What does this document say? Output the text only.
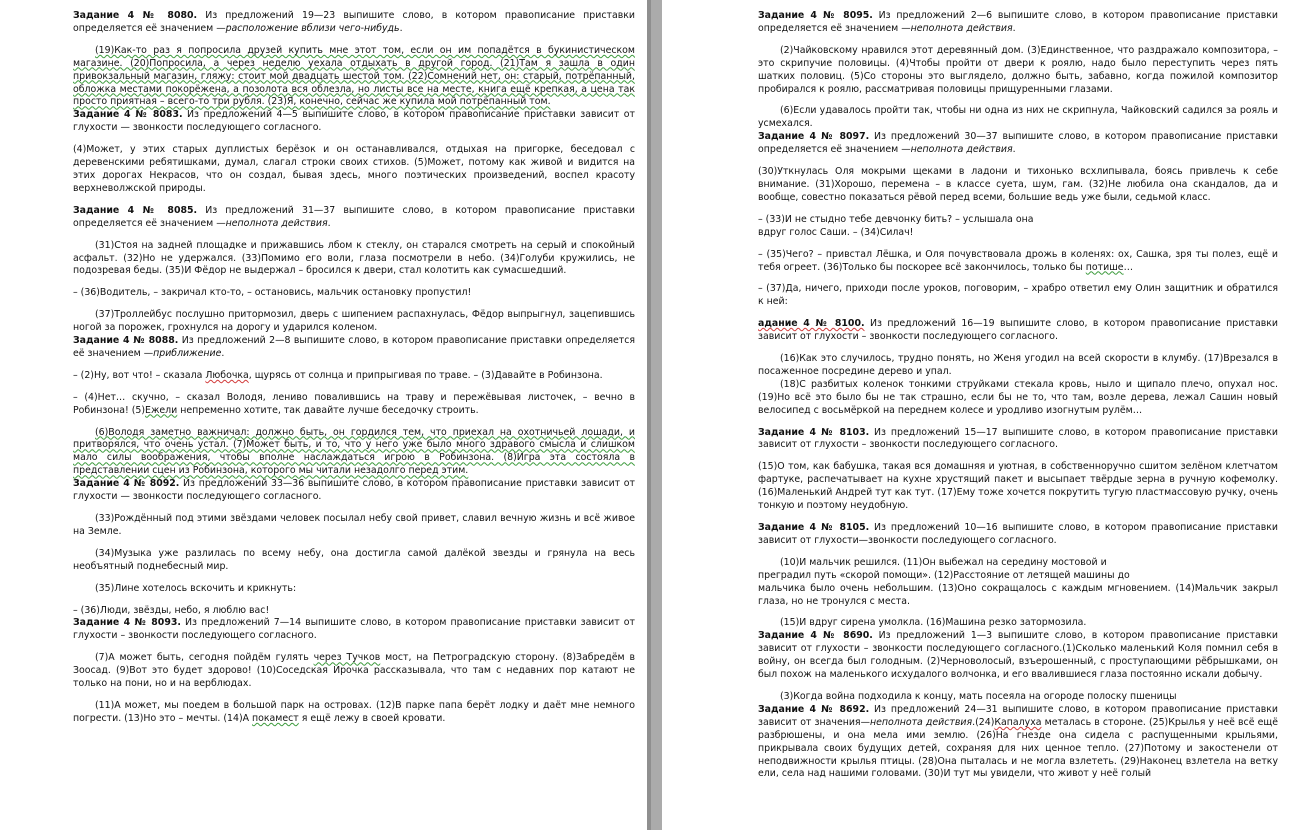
Задание 4 № 8080. Из предложений 19—23 выпишите слово, в котором правописание приставки определяется её значением —расположение вблизи чего-нибудь.

(19)Как-то раз я попросила друзей купить мне этот том, если он им попадётся в букинистическом магазине. (20)Попросила, а через неделю уехала отдыхать в другой город. (21)Там я зашла в один привокзальный магазин, гляжу: стоит мой двадцать шестой том. (22)Сомнений нет, он: старый, потрёпанный, обложка местами покорёжена, а позолота вся облезла, но листы все на месте, книга ещё крепкая, а цена так просто приятная – всего-то три рубля. (23)Я, конечно, сейчас же купила мой потрёпанный том.

Задание 4 № 8083. Из предложений 4—5 выпишите слово, в котором правописание приставки зависит от глухости — звонкости последующего согласного.

(4)Может, у этих старых дуплистых берёзок и он останавливался, отдыхая на пригорке, беседовал с деревенскими ребятишками, думал, слагал строки своих стихов. (5)Может, потому как живой и видится на этих дорогах Некрасов, что он создал, бывая здесь, много поэтических произведений, воспел красоту верхневолжской природы.

Задание 4 № 8085. Из предложений 31—37 выпишите слово, в котором правописание приставки определяется её значением —неполнота действия.

(31)Стоя на задней площадке и прижавшись лбом к стеклу, он старался смотреть на серый и спокойный асфальт. (32)Но не удержался. (33)Помимо его воли, глаза посмотрели в небо. (34)Голуби кружились, не подозревая беды. (35)И Фёдор не выдержал – бросился к двери, стал колотить как сумасшедший.

– (36)Водитель, – закричал кто-то, – остановись, мальчик остановку пропустил!

(37)Троллейбус послушно притормозил, дверь с шипением распахнулась, Фёдор выпрыгнул, зацепившись ногой за порожек, грохнулся на дорогу и ударился коленом.

Задание 4 № 8088. Из предложений 2—8 выпишите слово, в котором правописание приставки определяется её значением —приближение.

– (2)Ну, вот что! – сказала Любочка, щурясь от солнца и припрыгивая по траве. – (3)Давайте в Робинзона.

– (4)Нет… скучно, – сказал Володя, лениво повалившись на траву и пережёвывая листочек, – вечно в Робинзона! (5)Ежели непременно хотите, так давайте лучше беседочку строить.

(6)Володя заметно важничал: должно быть, он гордился тем, что приехал на охотничьей лошади, и притворялся, что очень устал. (7)Может быть, и то, что у него уже было много здравого смысла и слишком мало силы воображения, чтобы вполне наслаждаться игрою в Робинзона. (8)Игра эта состояла в представлении сцен из Робинзона, которого мы читали незадолго перед этим.

Задание 4 № 8092. Из предложений 33—36 выпишите слово, в котором правописание приставки зависит от глухости — звонкости последующего согласного.

(33)Рождённый под этими звёздами человек посылал небу свой привет, славил вечную жизнь и всё живое на Земле.

(34)Музыка уже разлилась по всему небу, она достигла самой далёкой звезды и грянула на весь необъятный поднебесный мир.

(35)Лине хотелось вскочить и крикнуть:

– (36)Люди, звёзды, небо, я люблю вас!

Задание 4 № 8093. Из предложений 7—14 выпишите слово, в котором правописание приставки зависит от глухости – звонкости последующего согласного.

(7)А может быть, сегодня пойдём гулять через Тучков мост, на Петроградскую сторону. (8)Забредём в Зоосад. (9)Вот это будет здорово! (10)Соседская Ирочка рассказывала, что там с недавних пор катают не только на пони, но и на верблюдах.

(11)А может, мы поедем в большой парк на островах. (12)В парке папа берёт лодку и даёт мне немного погрести. (13)Но это – мечты. (14)А покамест я ещё лежу в своей кровати.

Задание 4 № 8095. Из предложений 2—6 выпишите слово, в котором правописание приставки определяется её значением —неполнота действия.

(2)Чайковскому нравился этот деревянный дом. (3)Единственное, что раздражало композитора, – это скрипучие половицы. (4)Чтобы пройти от двери к роялю, надо было переступить через пять шатких половиц. (5)Со стороны это выглядело, должно быть, забавно, когда пожилой композитор пробирался к роялю, рассматривая половицы прищуренными глазами.

(6)Если удавалось пройти так, чтобы ни одна из них не скрипнула, Чайковский садился за рояль и усмехался.

Задание 4 № 8097. Из предложений 30—37 выпишите слово, в котором правописание приставки определяется её значением —неполнота действия.

(30)Уткнулась Оля мокрыми щеками в ладони и тихонько всхлипывала, боясь привлечь к себе внимание. (31)Хорошо, перемена – в классе суета, шум, гам. (32)Не любила она скандалов, да и вообще, совестно показаться рёвой перед всеми, большие ведь уже были, седьмой класс.

– (33)И не стыдно тебе девчонку бить? – услышала она

вдруг голос Саши. – (34)Силач!

– (35)Чего? – привстал Лёшка, и Оля почувствовала дрожь в коленях: ох, Сашка, зря ты полез, ещё и тебя огреет. (36)Только бы поскорее всё закончилось, только бы потише…

– (37)Да, ничего, приходи после уроков, поговорим, – храбро ответил ему Олин защитник и обратился к ней:

адание 4 № 8100. Из предложений 16—19 выпишите слово, в котором правописание приставки зависит от глухости – звонкости последующего согласного.

(16)Как это случилось, трудно понять, но Женя угодил на всей скорости в клумбу. (17)Врезался в посаженное посредине дерево и упал.

(18)С разбитых коленок тонкими струйками стекала кровь, ныло и щипало плечо, опухал нос. (19)Но всё это было бы не так страшно, если бы не то, что там, возле дерева, лежал Сашин новый велосипед с восьмёркой на переднем колесе и уродливо изогнутым рулём…

Задание 4 № 8103. Из предложений 15—17 выпишите слово, в котором правописание приставки зависит от глухости – звонкости последующего согласного.

(15)О том, как бабушка, такая вся домашняя и уютная, в собственноручно сшитом зелёном клетчатом фартуке, распечатывает на кухне хрустящий пакет и высыпает твёрдые зерна в ручную кофемолку. (16)Маленький Андрей тут как тут. (17)Ему тоже хочется покрутить тугую пластмассовую ручку, очень тонкую и поэтому неудобную.

Задание 4 № 8105. Из предложений 10—16 выпишите слово, в котором правописание приставки зависит от глухости—звонкости последующего согласного.

(10)И мальчик решился. (11)Он выбежал на середину мостовой и

преградил путь «скорой помощи». (12)Расстояние от летящей машины до

мальчика было очень небольшим. (13)Оно сокращалось с каждым мгновением. (14)Мальчик закрыл глаза, но не тронулся с места.

(15)И вдруг сирена умолкла. (16)Машина резко затормозила.

Задание 4 № 8690. Из предложений 1—3 выпишите слово, в котором правописание приставки зависит от глухости – звонкости последующего согласного.(1)Сколько маленький Коля помнил себя в войну, он всегда был голодным. (2)Черноволосый, взъерошенный, с проступающими рёбрышками, он был похож на маленького исхудалого волчонка, и его ввалившиеся глаза постоянно искали добычу.

(3)Когда война подходила к концу, мать посеяла на огороде полоску пшеницы

Задание 4 № 8692. Из предложений 24—31 выпишите слово, в котором правописание приставки зависит от значения—неполнота действия.(24)Капалуха металась в стороне. (25)Крылья у неё всё ещё разбрюшены, и она мела ими землю. (26)На гнезде она сидела с распущенными крыльями, прикрывала своих будущих детей, сохраняя для них ценное тепло. (27)Потому и закостенели от неподвижности крылья птицы. (28)Она пыталась и не могла взлететь. (29)Наконец взлетела на ветку ели, села над нашими головами. (30)И тут мы увидели, что живот у неё голый
